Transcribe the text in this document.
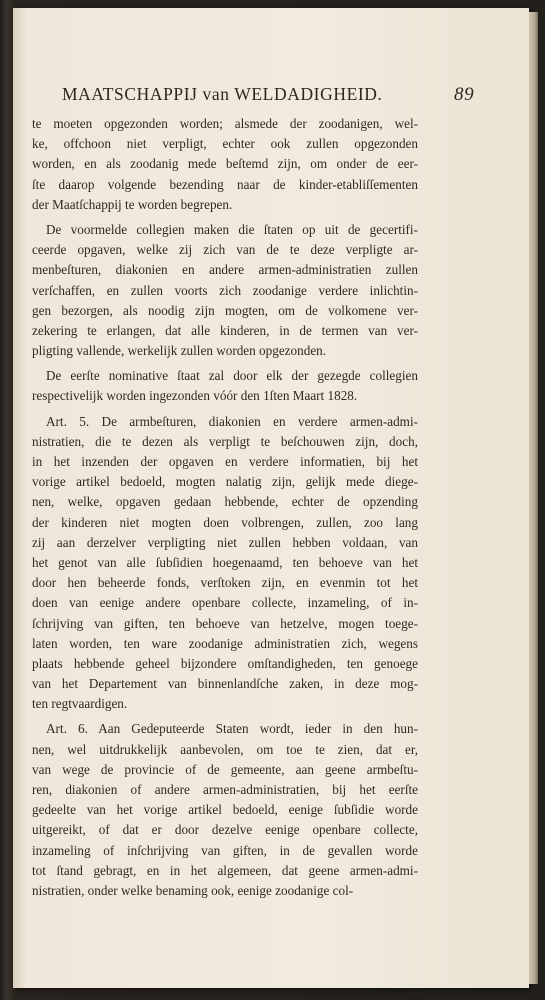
MAATSCHAPPIJ van WELDADIGHEID.	89
te moeten opgezonden worden; alsmede der zoodanigen, wel-
ke, offchoon niet verpligt, echter ook zullen opgezonden
worden, en als zoodanig mede beſtemd zijn, om onder de eer-
ſte daarop volgende bezending naar de kinder-etabliſſementen
der Maatſchappij te worden begrepen.
De voormelde collegien maken die ſtaten op uit de gecertifi-
ceerde opgaven, welke zij zich van de te deze verpligte ar-
menbeſturen, diakonien en andere armen-administratien zullen
verſchaffen, en zullen voorts zich zoodanige verdere inlichtin-
gen bezorgen, als noodig zijn mogten, om de volkomene ver-
zekering te erlangen, dat alle kinderen, in de termen van ver-
pligting vallende, werkelijk zullen worden opgezonden.
De eerſte nominative ſtaat zal door elk der gezegde collegien
respectivelijk worden ingezonden vóór den 1ſten Maart 1828.
Art. 5. De armbeſturen, diakonien en verdere armen-admi-
nistratien, die te dezen als verpligt te beſchouwen zijn, doch,
in het inzenden der opgaven en verdere informatien, bij het
vorige artikel bedoeld, mogten nalatig zijn, gelijk mede diege-
nen, welke, opgaven gedaan hebbende, echter de opzending
der kinderen niet mogten doen volbrengen, zullen, zoo lang
zij aan derzelver verpligting niet zullen hebben voldaan, van
het genot van alle ſubſidien hoegenaamd, ten behoeve van het
door hen beheerde fonds, verſtoken zijn, en evenmin tot het
doen van eenige andere openbare collecte, inzameling, of in-
ſchrijving van giften, ten behoeve van hetzelve, mogen toege-
laten worden, ten ware zoodanige administratien zich, wegens
plaats hebbende geheel bijzondere omſtandigheden, ten genoege
van het Departement van binnenlandſche zaken, in deze mog-
ten regtvaardigen.
Art. 6. Aan Gedeputeerde Staten wordt, ieder in den hun-
nen, wel uitdrukkelijk aanbevolen, om toe te zien, dat er,
van wege de provincie of de gemeente, aan geene armbeſtu-
ren, diakonien of andere armen-administratien, bij het eerſte
gedeelte van het vorige artikel bedoeld, eenige ſubſidie worde
uitgereikt, of dat er door dezelve eenige openbare collecte,
inzameling of inſchrijving van giften, in de gevallen worde
tot ſtand gebragt, en in het algemeen, dat geene armen-admi-
nistratien, onder welke benaming ook, eenige zoodanige col-
